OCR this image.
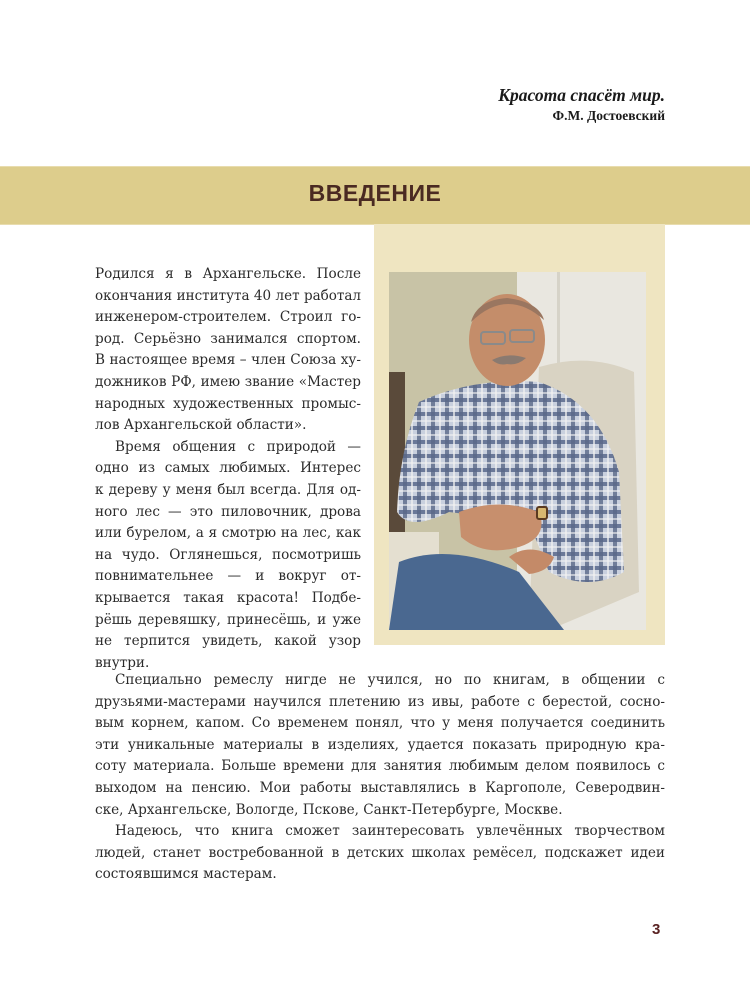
Красота спасёт мир.
Ф.М. Достоевский
ВВЕДЕНИЕ
Родился я в Архангельске. После
окончания института 40 лет работал
инженером-строителем. Строил го-
род. Серьёзно занимался спортом.
В настоящее время – член Союза ху-
дожников РФ, имею звание «Мастер
народных художественных промыс-
лов Архангельской области».
Время общения с природой —
одно из самых любимых. Интерес
к дереву у меня был всегда. Для од-
ного лес — это пиловочник, дрова
или бурелом, а я смотрю на лес, как
на чудо. Оглянешься, посмотришь
повнимательнее — и вокруг от-
крывается такая красота! Подбе-
рёшь деревяшку, принесёшь, и уже
не терпится увидеть, какой узор
внутри.
Специально ремеслу нигде не учился, но по книгам, в общении с
друзьями-мастерами научился плетению из ивы, работе с берестой, сосно-
вым корнем, капом. Со временем понял, что у меня получается соединить
эти уникальные материалы в изделиях, удается показать природную кра-
соту материала. Больше времени для занятия любимым делом появилось с
выходом на пенсию. Мои работы выставлялись в Каргополе, Северодвин-
ске, Архангельске, Вологде, Пскове, Санкт-Петербурге, Москве.
Надеюсь, что книга сможет заинтересовать увлечённых творчеством
людей, станет востребованной в детских школах ремёсел, подскажет идеи
состоявшимся мастерам.
3
